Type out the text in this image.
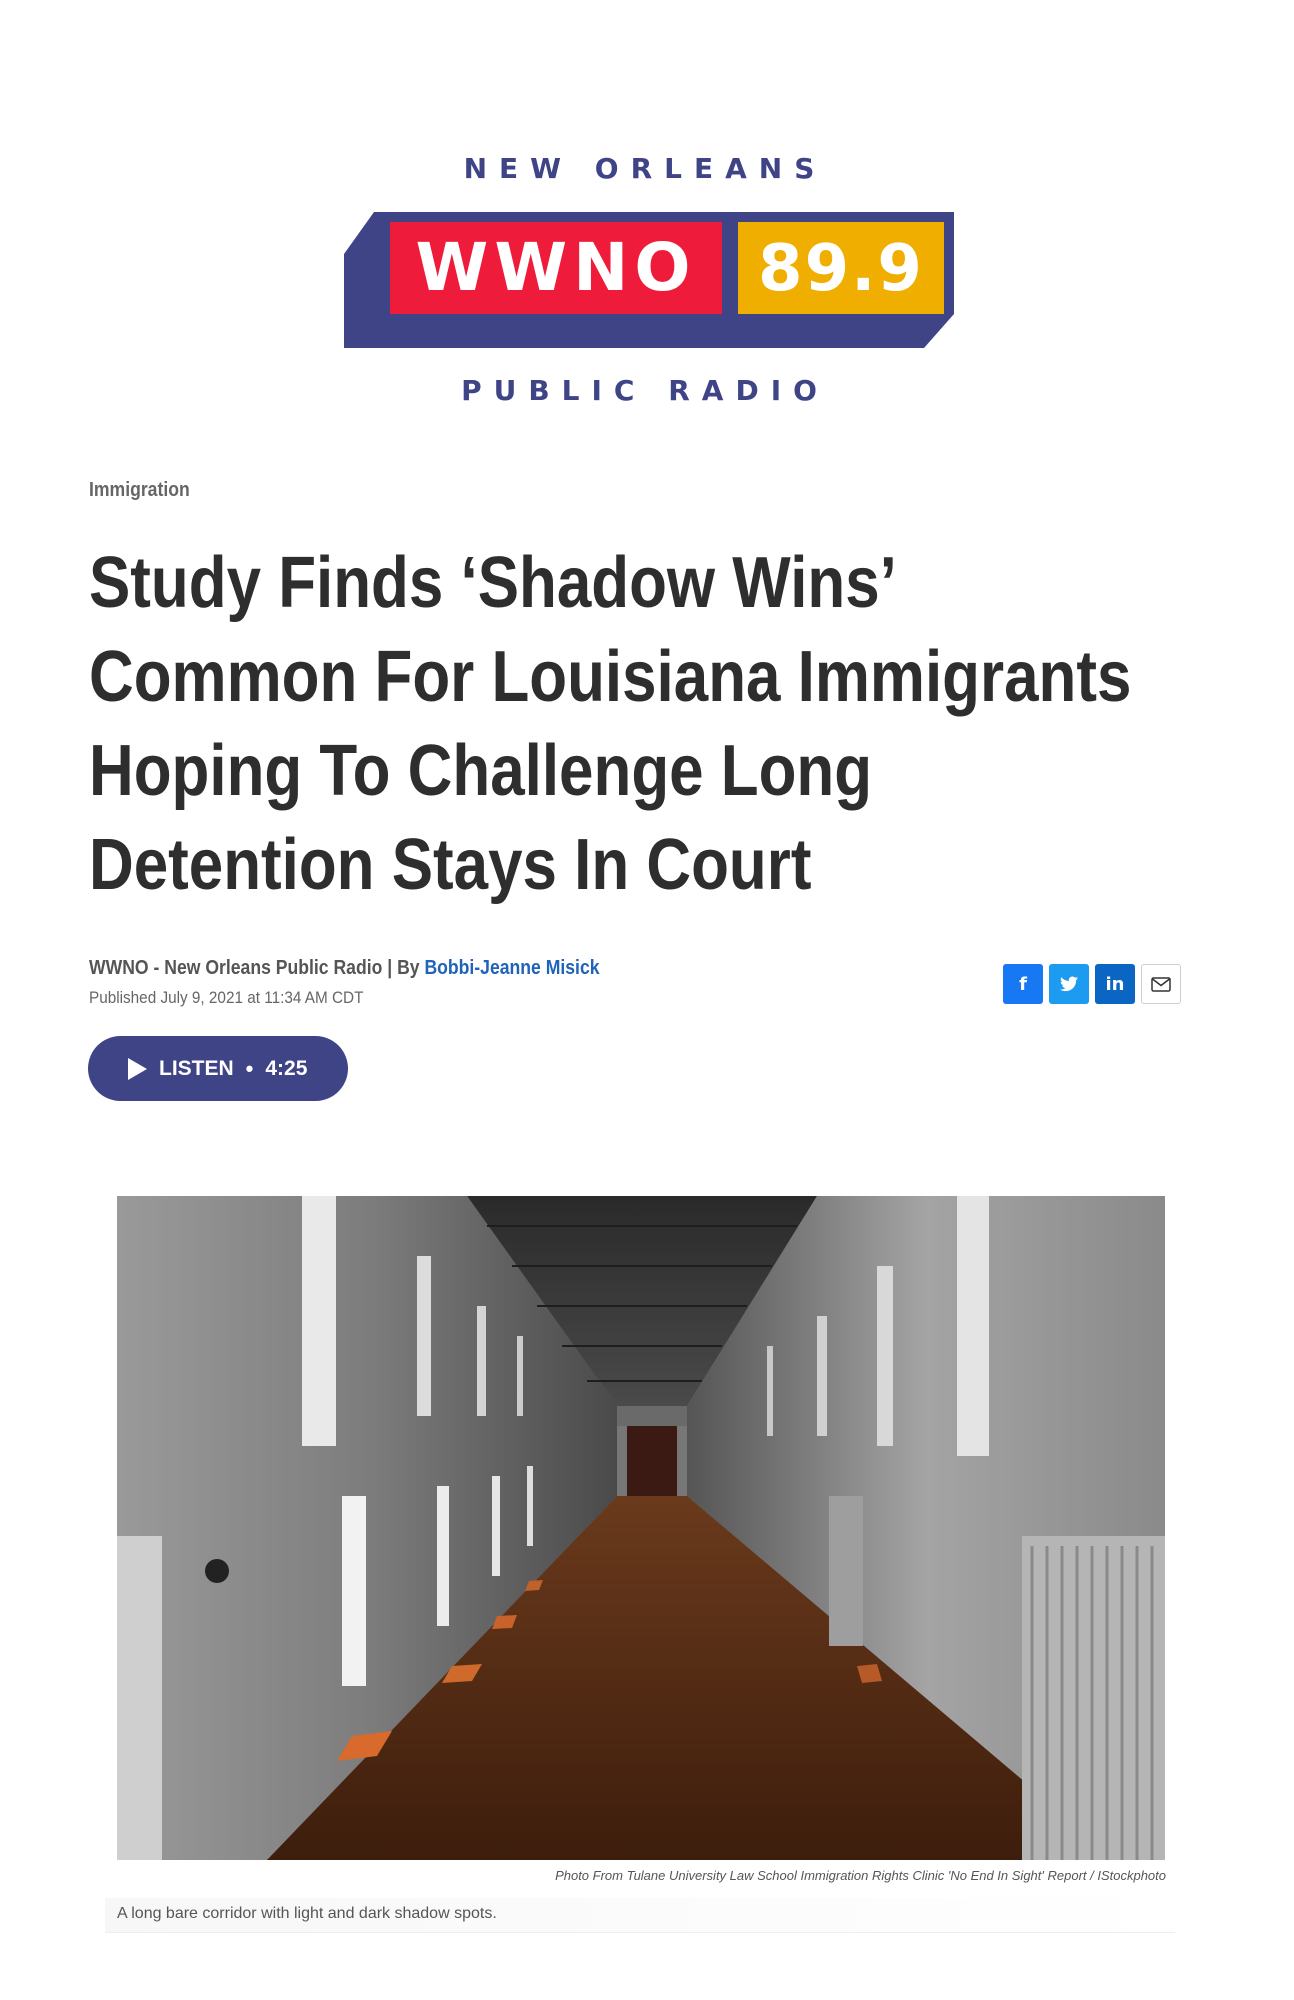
NEW ORLEANS
WWNO 89.9
PUBLIC RADIO
Immigration
Study Finds ‘Shadow Wins’
Common For Louisiana Immigrants
Hoping To Challenge Long
Detention Stays In Court
WWNO - New Orleans Public Radio | By Bobbi-Jeanne Misick
Published July 9, 2021 at 11:34 AM CDT
f	in
LISTEN • 4:25
Photo From Tulane University Law School Immigration Rights Clinic 'No End In Sight' Report / IStockphoto
A long bare corridor with light and dark shadow spots.
